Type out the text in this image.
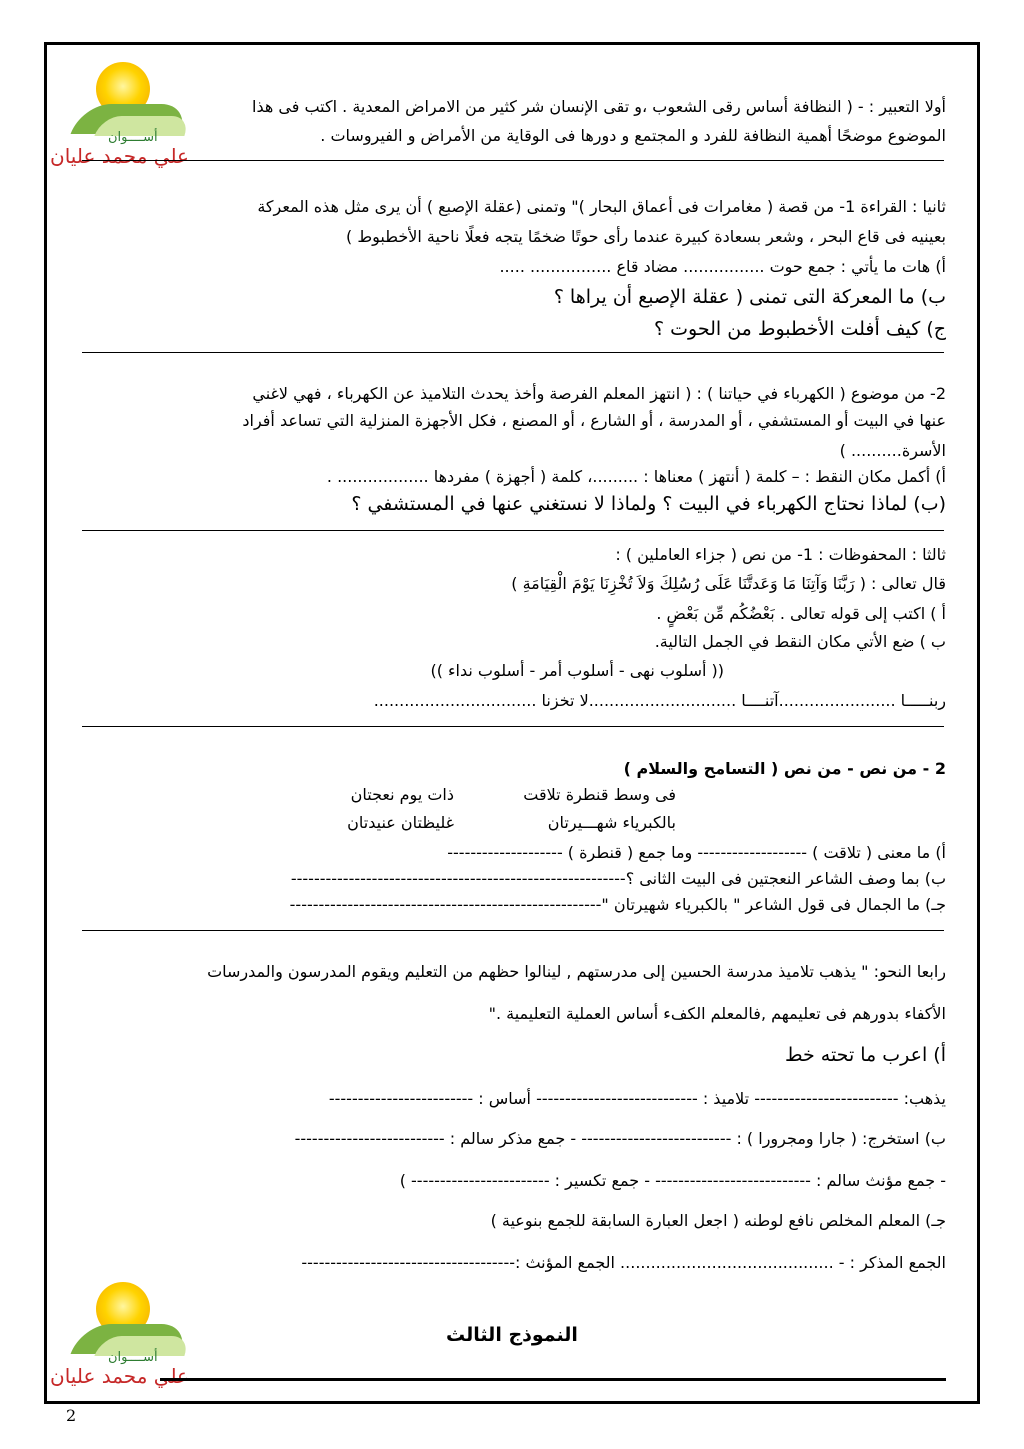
أســــوان
علي محمد عليان
أولا التعبير : - ( النظافة أساس رقى الشعوب ،و تقى الإنسان شر كثير من الامراض المعدية . اكتب فى هذا
الموضوع موضحًا أهمية النظافة للفرد و المجتمع و دورها فى الوقاية من الأمراض و الفيروسات .
ثانيا : القراءة 1- من قصة ( مغامرات فى أعماق البحار )" وتمنى (عقلة الإصبع ) أن يرى مثل هذه المعركة
بعينيه فى قاع البحر ، وشعر بسعادة كبيرة عندما رأى حوتًا ضخمًا يتجه فعلًا ناحية الأخطبوط )
أ) هات ما يأتي : جمع حوت ................ مضاد قاع ................ .....
ب) ما المعركة التى تمنى ( عقلة الإصبع أن يراها ؟
ج) كيف أفلت الأخطبوط من الحوت ؟
2- من موضوع ( الكهرباء في حياتنا ) : ( انتهز المعلم الفرصة وأخذ يحدث التلاميذ عن الكهرباء ، فهي لاغني
عنها في البيت أو المستشفي ، أو المدرسة ، أو الشارع ، أو المصنع ، فكل الأجهزة المنزلية التي تساعد أفراد
الأسرة.......... )
أ) أكمل مكان النقط : – كلمة ( أنتهز ) معناها : .........، كلمة ( أجهزة ) مفردها .................. .
(ب) لماذا نحتاج الكهرباء في البيت ؟ ولماذا لا نستغني عنها في المستشفي ؟
ثالثا : المحفوظات : 1- من نص ( جزاء العاملين ) :
قال تعالى : ( رَبَّنَا وَآتِنَا مَا وَعَدتَّنَا عَلَى رُسُلِكَ وَلاَ تُخْزِنَا يَوْمَ الْقِيَامَةِ )
أ ) اكتب إلى قوله تعالى . بَعْضُكُم مِّن بَعْضٍ .
ب ) ضع الأتي مكان النقط في الجمل التالية.
(( أسلوب نهى - أسلوب أمر - أسلوب نداء ))
ربنـــــا .......................آتنــــا .............................لا تخزنا ................................
2 - من نص - من نص ( التسامح والسلام )
فى وسط قنطرة تلاقت
ذات يوم نعجتان
بالكبرياء شهـــيرتان
غليظتان عنيدتان
أ) ما معنى ( تلاقت ) ------------------- وما جمع ( قنطرة ) --------------------
ب) بما وصف الشاعر النعجتين فى البيت الثانى ؟----------------------------------------------------------
جـ) ما الجمال فى قول الشاعر " بالكبرياء شهيرتان "------------------------------------------------------
رابعا النحو: " يذهب تلاميذ مدرسة الحسين إلى مدرستهم , لينالوا حظهم من التعليم ويقوم المدرسون والمدرسات
الأكفاء بدورهم فى تعليمهم ,فالمعلم الكفء أساس العملية التعليمية ."
أ) اعرب ما تحته خط
يذهب: ------------------------- تلاميذ : ---------------------------- أساس : -------------------------
ب) استخرج: ( جارا ومجرورا ) : -------------------------- - جمع مذكر سالم : --------------------------
- جمع مؤنث سالم : --------------------------- - جمع تكسير : ------------------------ )
جـ) المعلم المخلص نافع لوطنه ( اجعل العبارة السابقة للجمع بنوعية )
الجمع المذكر : - .......................................... الجمع المؤنث :-------------------------------------
أســــوان
علي محمد عليان
النموذج الثالث
2
